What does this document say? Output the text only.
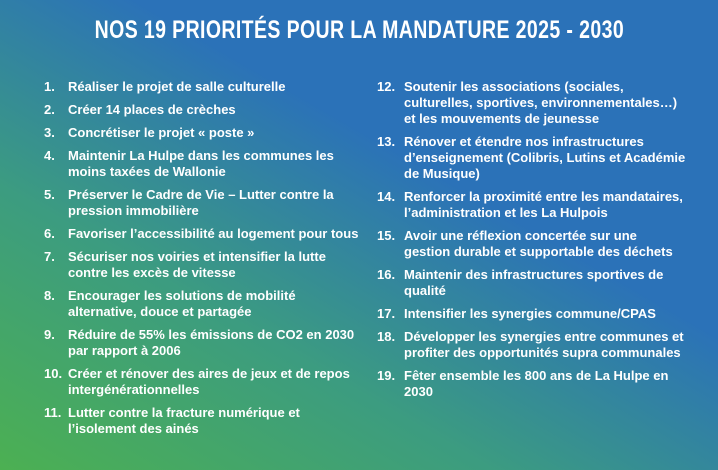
NOS 19 PRIORITÉS POUR LA MANDATURE 2025 - 2030
1.	Réaliser le projet de salle culturelle
2.	Créer 14 places de crèches
3.	Concrétiser le projet « poste »
4.	Maintenir La Hulpe dans les communes les moins taxées de Wallonie
5.	Préserver le Cadre de Vie – Lutter contre la pression immobilière
6.	Favoriser l’accessibilité au logement pour tous
7.	Sécuriser nos voiries et intensifier la lutte contre les excès de vitesse
8.	Encourager les solutions de mobilité alternative, douce et partagée
9.	Réduire de 55% les émissions de CO2 en 2030 par rapport à 2006
10. Créer et rénover des aires de jeux et de repos intergénérationnelles
11. Lutter contre la fracture numérique et l’isolement des ainés
12. Soutenir les associations (sociales, culturelles, sportives, environnementales…) et les mouvements de jeunesse
13. Rénover et étendre nos infrastructures d’enseignement (Colibris, Lutins et Académie de Musique)
14. Renforcer la proximité entre les mandataires, l’administration et les La Hulpois
15. Avoir une réflexion concertée sur une gestion durable et supportable des déchets
16. Maintenir des infrastructures sportives de qualité
17. Intensifier les synergies commune/CPAS
18. Développer les synergies entre communes et profiter des opportunités supra communales
19. Fêter ensemble les 800 ans de La Hulpe en 2030
